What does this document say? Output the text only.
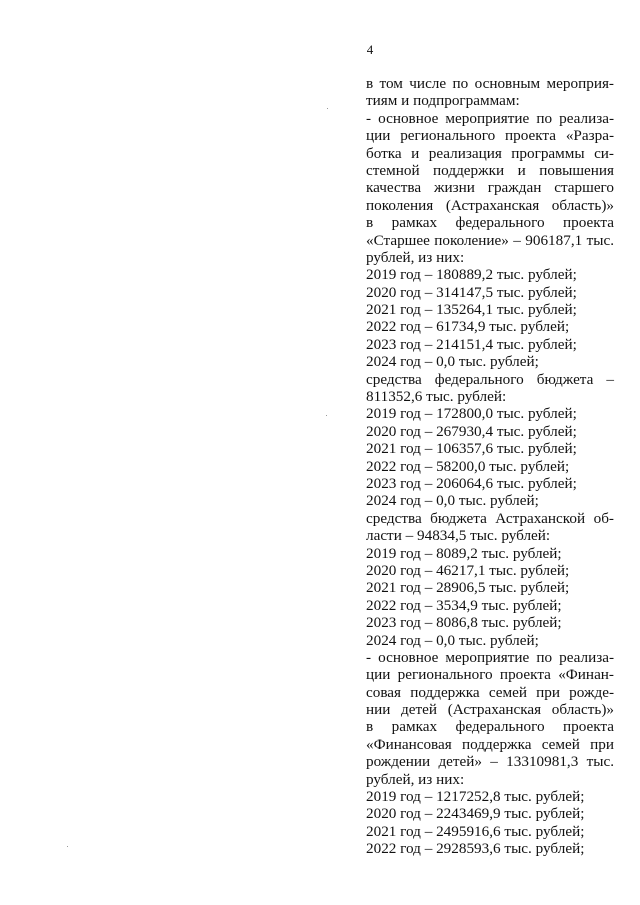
4
в том числе по основным мероприя-
тиям и подпрограммам:
- основное мероприятие по реализа-
ции регионального проекта «Разра-
ботка и реализация программы си-
стемной поддержки и повышения
качества жизни граждан старшего
поколения (Астраханская область)»
в рамках федерального проекта
«Старшее поколение» – 906187,1 тыс.
рублей, из них:
2019 год – 180889,2 тыс. рублей;
2020 год – 314147,5 тыс. рублей;
2021 год – 135264,1 тыс. рублей;
2022 год – 61734,9 тыс. рублей;
2023 год – 214151,4 тыс. рублей;
2024 год – 0,0 тыс. рублей;
средства федерального бюджета –
811352,6 тыс. рублей:
2019 год – 172800,0 тыс. рублей;
2020 год – 267930,4 тыс. рублей;
2021 год – 106357,6 тыс. рублей;
2022 год – 58200,0 тыс. рублей;
2023 год – 206064,6 тыс. рублей;
2024 год – 0,0 тыс. рублей;
средства бюджета Астраханской об-
ласти – 94834,5 тыс. рублей:
2019 год – 8089,2 тыс. рублей;
2020 год – 46217,1 тыс. рублей;
2021 год – 28906,5 тыс. рублей;
2022 год – 3534,9 тыс. рублей;
2023 год – 8086,8 тыс. рублей;
2024 год – 0,0 тыс. рублей;
- основное мероприятие по реализа-
ции регионального проекта «Финан-
совая поддержка семей при рожде-
нии детей (Астраханская область)»
в рамках федерального проекта
«Финансовая поддержка семей при
рождении детей» – 13310981,3 тыс.
рублей, из них:
2019 год – 1217252,8 тыс. рублей;
2020 год – 2243469,9 тыс. рублей;
2021 год – 2495916,6 тыс. рублей;
2022 год – 2928593,6 тыс. рублей;
